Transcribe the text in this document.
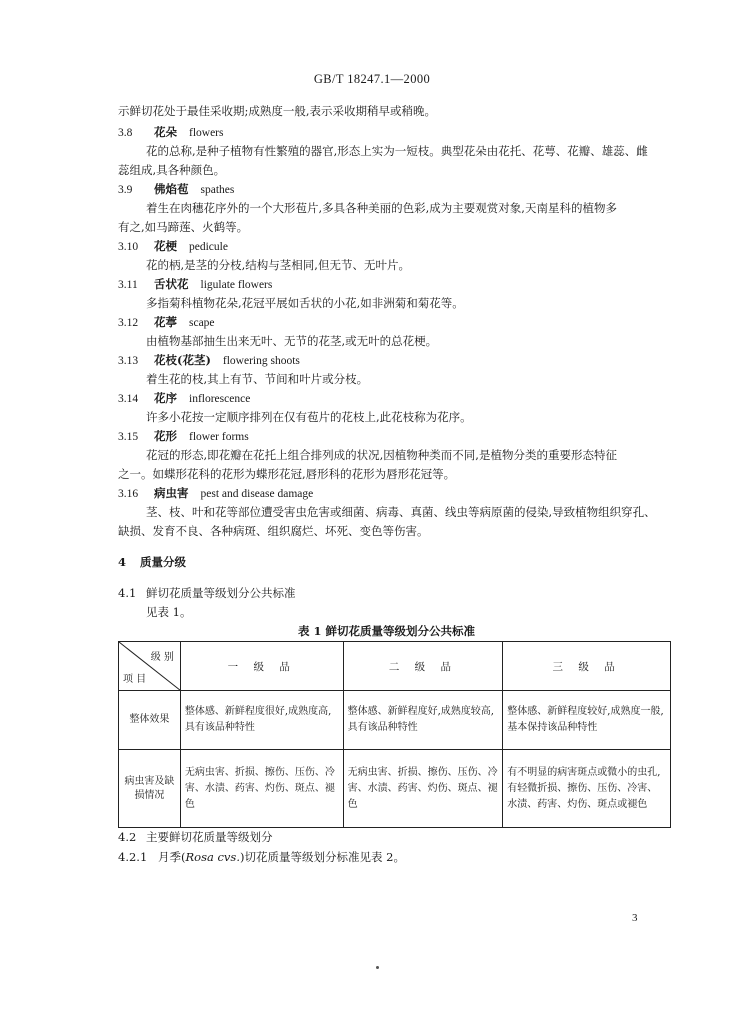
GB/T 18247.1—2000
示鲜切花处于最佳采收期;成熟度一般,表示采收期稍早或稍晚。
3.8 花朵 flowers
花的总称,是种子植物有性繁殖的器官,形态上实为一短枝。典型花朵由花托、花萼、花瓣、雄蕊、雌
蕊组成,具各种颜色。
3.9 佛焰苞 spathes
着生在肉穗花序外的一个大形苞片,多具各种美丽的色彩,成为主要观赏对象,天南星科的植物多
有之,如马蹄莲、火鹤等。
3.10 花梗 pedicule
花的柄,是茎的分枝,结构与茎相同,但无节、无叶片。
3.11 舌状花 ligulate flowers
多指菊科植物花朵,花冠平展如舌状的小花,如非洲菊和菊花等。
3.12 花葶 scape
由植物基部抽生出来无叶、无节的花茎,或无叶的总花梗。
3.13 花枝(花茎) flowering shoots
着生花的枝,其上有节、节间和叶片或分枝。
3.14 花序 inflorescence
许多小花按一定顺序排列在仅有苞片的花枝上,此花枝称为花序。
3.15 花形 flower forms
花冠的形态,即花瓣在花托上组合排列成的状况,因植物种类而不同,是植物分类的重要形态特征
之一。如蝶形花科的花形为蝶形花冠,唇形科的花形为唇形花冠等。
3.16 病虫害 pest and disease damage
茎、枝、叶和花等部位遭受害虫危害或细菌、病毒、真菌、线虫等病原菌的侵染,导致植物组织穿孔、
缺损、发育不良、各种病斑、组织腐烂、坏死、变色等伤害。
4 质量分级
4.1 鲜切花质量等级划分公共标准
见表 1。
表 1 鲜切花质量等级划分公共标准
级 别
项 目	一 级 品	二 级 品	三 级 品
整体效果	整体感、新鲜程度很好,成熟度高,具有该品种特性	整体感、新鲜程度好,成熟度较高,具有该品种特性	整体感、新鲜程度较好,成熟度一般,基本保持该品种特性
病虫害及缺
损情况	无病虫害、折损、擦伤、压伤、冷害、水渍、药害、灼伤、斑点、褪色	无病虫害、折损、擦伤、压伤、冷害、水渍、药害、灼伤、斑点、褪色	有不明显的病害斑点或微小的虫孔,有轻微折损、擦伤、压伤、冷害、水渍、药害、灼伤、斑点或褪色
4.2 主要鲜切花质量等级划分
4.2.1 月季(Rosa cvs.)切花质量等级划分标准见表 2。
3
